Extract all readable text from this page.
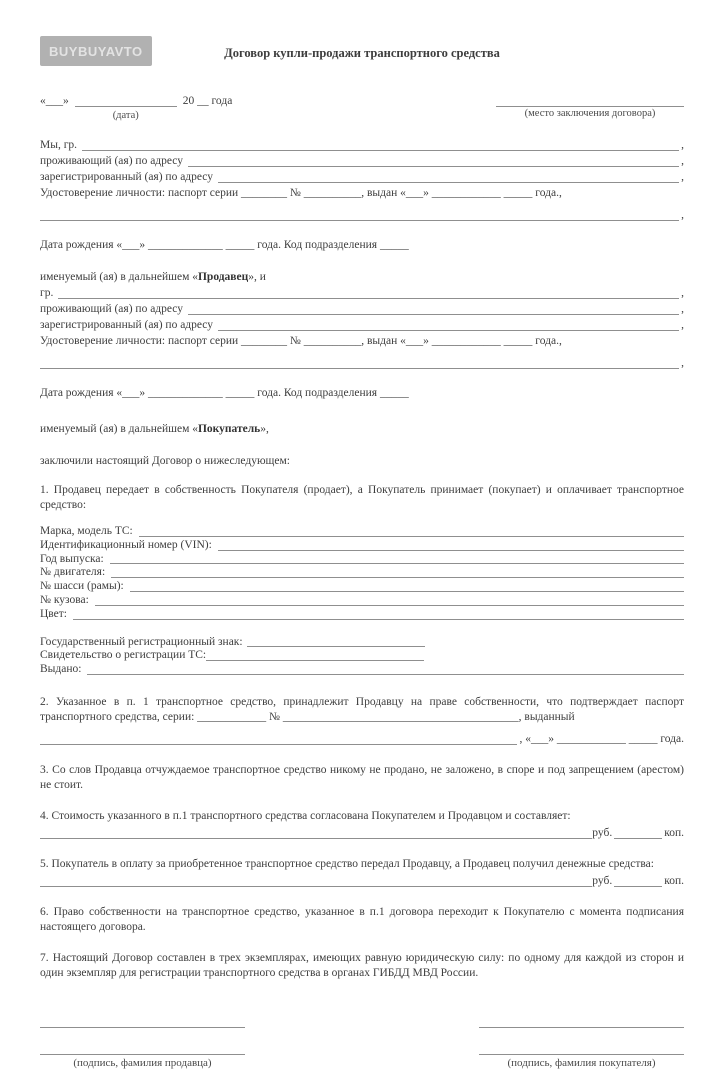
BUYBUYAVTO	Договор купли-продажи транспортного средства
«___»
(дата)
20 __ года
(место заключения договора)
Мы, гр.	,
проживающий (ая) по адресу	,
зарегистрированный (ая) по адресу	,
Удостоверение личности: паспорт серии ________ № __________, выдан «___» ____________ _____ года.,
,
Дата рождения «___» _____________ _____ года. Код подразделения _____
именуемый (ая) в дальнейшем «Продавец», и
гр.	,
проживающий (ая) по адресу	,
зарегистрированный (ая) по адресу	,
Удостоверение личности: паспорт серии ________ № __________, выдан «___» ____________ _____ года.,
,
Дата рождения «___» _____________ _____ года. Код подразделения _____
именуемый (ая) в дальнейшем «Покупатель»,
заключили настоящий Договор о нижеследующем:

1. Продавец передает в собственность Покупателя (продает), а Покупатель принимает (покупает) и оплачивает транспортное средство:

Марка, модель ТС:
Идентификационный номер (VIN):
Год выпуска:
№ двигателя:
№ шасси (рамы):
№ кузова:
Цвет:
Государственный регистрационный знак:
Свидетельство о регистрации ТС:
Выдано:

2. Указанное в п. 1 транспортное средство, принадлежит Продавцу на праве собственности, что подтверждает паспорт транспортного средства, серии: ____________ № _________________________________________, выданный

, «___» ____________ _____ года.

3. Со слов Продавца отчуждаемое транспортное средство никому не продано, не заложено, в споре и под запрещением (арестом) не стоит.

4. Стоимость указанного в п.1 транспортного средства согласована Покупателем и Продавцом и составляет:

руб.	коп.

5. Покупатель в оплату за приобретенное транспортное средство передал Продавцу, а Продавец получил денежные средства:

руб.	коп.

6. Право собственности на транспортное средство, указанное в п.1 договора переходит к Покупателю с момента подписания настоящего договора.

7. Настоящий Договор составлен в трех экземплярах, имеющих равную юридическую силу: по одному для каждой из сторон и один экземпляр для регистрации транспортного средства в органах ГИБДД МВД России.

(подпись, фамилия продавца)	(подпись, фамилия покупателя)
